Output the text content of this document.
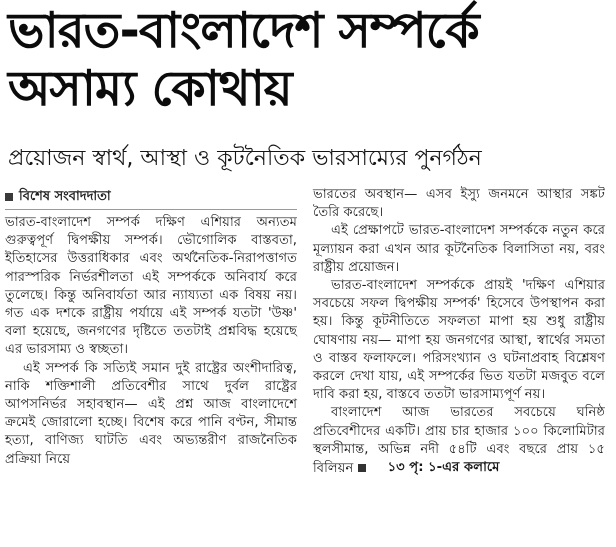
ভারত-বাংলাদেশ সম্পর্কে
অসাম্য কোথায়
প্রয়োজন স্বার্থ, আস্থা ও কূটনৈতিক ভারসাম্যের পুনর্গঠন
বিশেষ সংবাদদাতা

ভারত-বাংলাদেশ সম্পর্ক দক্ষিণ এশিয়ার অন্যতম গুরুত্বপূর্ণ দ্বিপক্ষীয় সম্পর্ক। ভৌগোলিক বাস্তবতা, ইতিহাসের উত্তরাধিকার এবং অর্থনৈতিক-নিরাপত্তাগত পারস্পরিক নির্ভরশীলতা এই সম্পর্ককে অনিবার্য করে তুলেছে। কিন্তু অনিবার্যতা আর ন্যায্যতা এক বিষয় নয়। গত এক দশকে রাষ্ট্রীয় পর্যায়ে এই সম্পর্ক যতটা 'উষ্ণ' বলা হয়েছে, জনগণের দৃষ্টিতে ততটাই প্রশ্নবিদ্ধ হয়েছে এর ভারসাম্য ও স্বচ্ছতা।

এই সম্পর্ক কি সত্যিই সমান দুই রাষ্ট্রের অংশীদারিত্ব, নাকি শক্তিশালী প্রতিবেশীর সাথে দুর্বল রাষ্ট্রের আপসনির্ভর সহাবস্থান— এই প্রশ্ন আজ বাংলাদেশে ক্রমেই জোরালো হচ্ছে। বিশেষ করে পানি বণ্টন, সীমান্ত হত্যা, বাণিজ্য ঘাটতি এবং অভ্যন্তরীণ রাজনৈতিক প্রক্রিয়া নিয়ে

ভারতের অবস্থান— এসব ইস্যু জনমনে আস্থার সঙ্কট তৈরি করেছে।

এই প্রেক্ষাপটে ভারত-বাংলাদেশ সম্পর্ককে নতুন করে মূল্যায়ন করা এখন আর কূটনৈতিক বিলাসিতা নয়, বরং রাষ্ট্রীয় প্রয়োজন।

ভারত-বাংলাদেশ সম্পর্ককে প্রায়ই 'দক্ষিণ এশিয়ার সবচেয়ে সফল দ্বিপক্ষীয় সম্পর্ক' হিসেবে উপস্থাপন করা হয়। কিন্তু কূটনীতিতে সফলতা মাপা হয় শুধু রাষ্ট্রীয় ঘোষণায় নয়— মাপা হয় জনগণের আস্থা, স্বার্থের সমতা ও বাস্তব ফলাফলে। পরিসংখ্যান ও ঘটনাপ্রবাহ বিশ্লেষণ করলে দেখা যায়, এই সম্পর্কের ভিত যতটা মজবুত বলে দাবি করা হয়, বাস্তবে ততটা ভারসাম্যপূর্ণ নয়।

বাংলাদেশ আজ ভারতের সবচেয়ে ঘনিষ্ঠ প্রতিবেশীদের একটি। প্রায় চার হাজার ১০০ কিলোমিটার স্থলসীমান্ত, অভিন্ন নদী ৫৪টি এবং বছরে প্রায় ১৫ বিলিয়ন	১৩ পৃ: ১-এর কলামে
